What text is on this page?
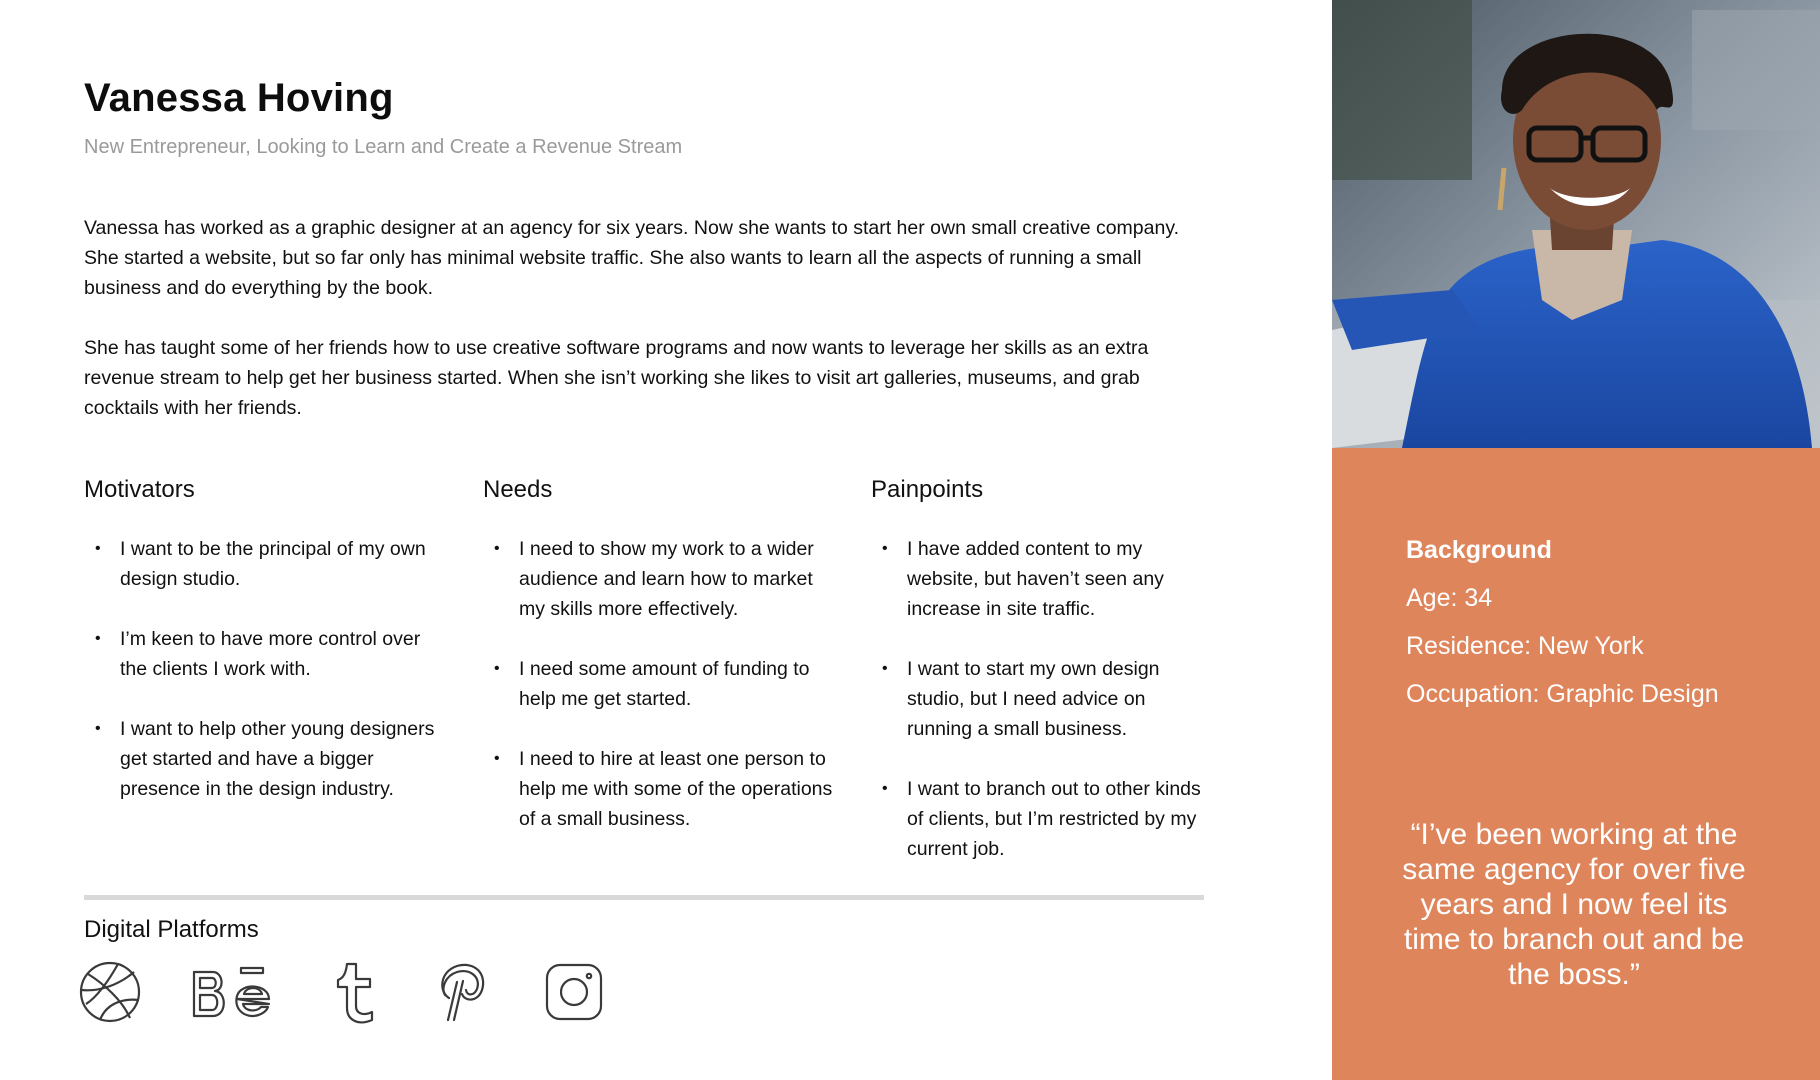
Vanessa Hoving
New Entrepreneur, Looking to Learn and Create a Revenue Stream

Vanessa has worked as a graphic designer at an agency for six years. Now she wants to start her own small creative company. She started a website, but so far only has minimal website traffic. She also wants to learn all the aspects of running a small business and do everything by the book.

She has taught some of her friends how to use creative software programs and now wants to leverage her skills as an extra revenue stream to help get her business started. When she isn’t working she likes to visit art galleries, museums, and grab cocktails with her friends.

Motivators
• I want to be the principal of my own design studio.
• I’m keen to have more control over the clients I work with.
• I want to help other young designers get started and have a bigger presence in the design industry.
Needs
• I need to show my work to a wider audience and learn how to market my skills more effectively.
• I need some amount of funding to help me get started.
• I need to hire at least one person to help me with some of the operations of a small business.
Painpoints
• I have added content to my website, but haven’t seen any increase in site traffic.
• I want to start my own design studio, but I need advice on running a small business.
• I want to branch out to other kinds of clients, but I’m restricted by my current job.
Digital Platforms
Background
Age: 34
Residence: New York
Occupation: Graphic Design
“I’ve been working at the same agency for over five years and I now feel its time to branch out and be the boss.”
